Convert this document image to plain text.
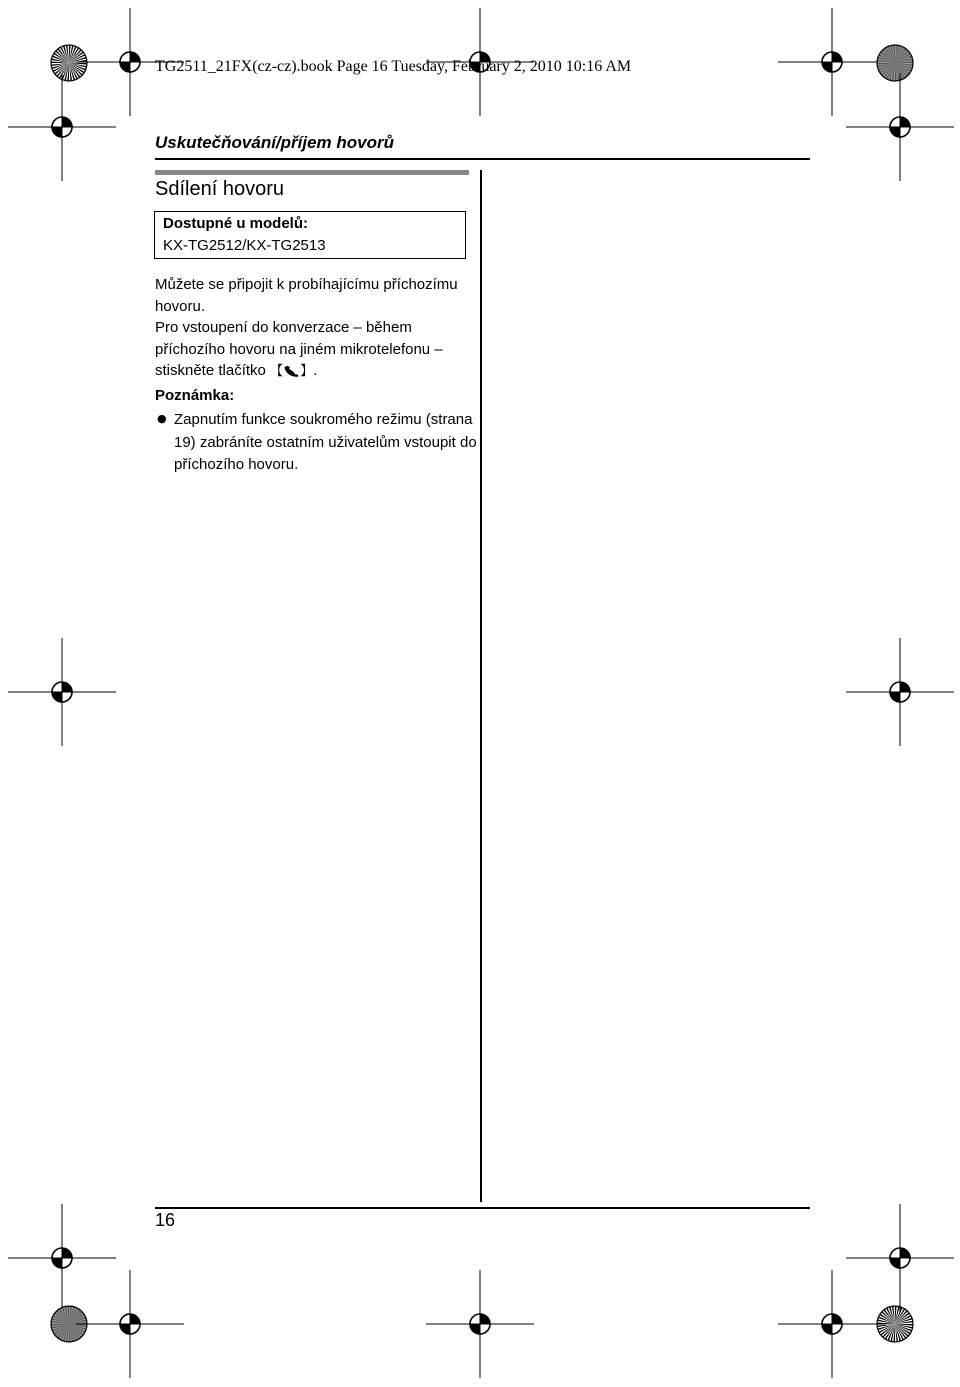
TG2511_21FX(cz-cz).book Page 16 Tuesday, February 2, 2010 10:16 AM
Uskutečňování/příjem hovorů
Sdílení hovoru
Dostupné u modelů:
KX-TG2512/KX-TG2513
Můžete se připojit k probíhajícímu příchozímu hovoru.
Pro vstoupení do konverzace – během příchozího hovoru na jiném mikrotelefonu – stiskněte tlačítko 【 】.
Poznámka:
● Zapnutím funkce soukromého režimu (strana 19) zabráníte ostatním uživatelům vstoupit do příchozího hovoru.
16
